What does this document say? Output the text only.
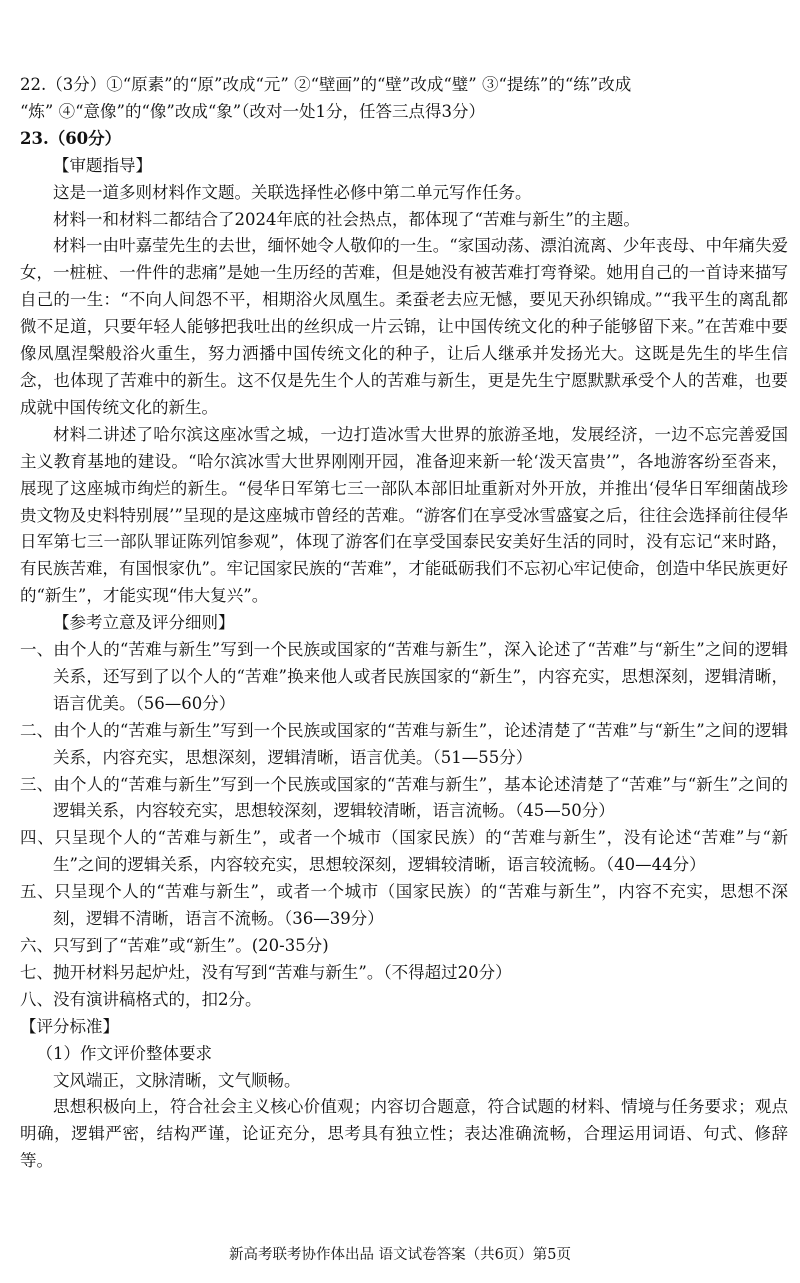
22.（3分）①“原素”的“原”改成“元” ②“壁画”的“壁”改成“璧” ③“提练”的“练”改成

“炼” ④“意像”的“像”改成“象”（改对一处1分，任答三点得3分）

23.（60分）

【审题指导】

这是一道多则材料作文题。关联选择性必修中第二单元写作任务。

材料一和材料二都结合了2024年底的社会热点，都体现了“苦难与新生”的主题。

材料一由叶嘉莹先生的去世，缅怀她令人敬仰的一生。“家国动荡、漂泊流离、少年丧母、中年痛失爱女，一桩桩、一件件的悲痛”是她一生历经的苦难，但是她没有被苦难打弯脊梁。她用自己的一首诗来描写自己的一生：“不向人间怨不平，相期浴火凤凰生。柔蚕老去应无憾，要见天孙织锦成。”“我平生的离乱都微不足道，只要年轻人能够把我吐出的丝织成一片云锦，让中国传统文化的种子能够留下来。”在苦难中要像凤凰涅槃般浴火重生，努力洒播中国传统文化的种子，让后人继承并发扬光大。这既是先生的毕生信念，也体现了苦难中的新生。这不仅是先生个人的苦难与新生，更是先生宁愿默默承受个人的苦难，也要成就中国传统文化的新生。

材料二讲述了哈尔滨这座冰雪之城，一边打造冰雪大世界的旅游圣地，发展经济，一边不忘完善爱国主义教育基地的建设。“哈尔滨冰雪大世界刚刚开园，准备迎来新一轮‘泼天富贵’”，各地游客纷至沓来，展现了这座城市绚烂的新生。“侵华日军第七三一部队本部旧址重新对外开放，并推出‘侵华日军细菌战珍贵文物及史料特别展’”呈现的是这座城市曾经的苦难。“游客们在享受冰雪盛宴之后，往往会选择前往侵华日军第七三一部队罪证陈列馆参观”，体现了游客们在享受国泰民安美好生活的同时，没有忘记“来时路，有民族苦难，有国恨家仇”。牢记国家民族的“苦难”，才能砥砺我们不忘初心牢记使命，创造中华民族更好的“新生”，才能实现“伟大复兴”。

【参考立意及评分细则】

一、由个人的“苦难与新生”写到一个民族或国家的“苦难与新生”，深入论述了“苦难”与“新生”之间的逻辑关系，还写到了以个人的“苦难”换来他人或者民族国家的“新生”，内容充实，思想深刻，逻辑清晰，语言优美。（56—60分）

二、由个人的“苦难与新生”写到一个民族或国家的“苦难与新生”，论述清楚了“苦难”与“新生”之间的逻辑关系，内容充实，思想深刻，逻辑清晰，语言优美。（51—55分）

三、由个人的“苦难与新生”写到一个民族或国家的“苦难与新生”，基本论述清楚了“苦难”与“新生”之间的逻辑关系，内容较充实，思想较深刻，逻辑较清晰，语言流畅。（45—50分）

四、只呈现个人的“苦难与新生”，或者一个城市（国家民族）的“苦难与新生”，没有论述“苦难”与“新生”之间的逻辑关系，内容较充实，思想较深刻，逻辑较清晰，语言较流畅。（40—44分）

五、只呈现个人的“苦难与新生”，或者一个城市（国家民族）的“苦难与新生”，内容不充实，思想不深刻，逻辑不清晰，语言不流畅。（36—39分）

六、只写到了“苦难”或“新生”。(20-35分)

七、抛开材料另起炉灶，没有写到“苦难与新生”。（不得超过20分）

八、没有演讲稿格式的，扣2分。

【评分标准】

（1）作文评价整体要求

文风端正，文脉清晰，文气顺畅。

思想积极向上，符合社会主义核心价值观；内容切合题意，符合试题的材料、情境与任务要求；观点明确，逻辑严密，结构严谨，论证充分，思考具有独立性；表达准确流畅，合理运用词语、句式、修辞等。

新高考联考协作体出品 语文试卷答案（共6页）第5页
